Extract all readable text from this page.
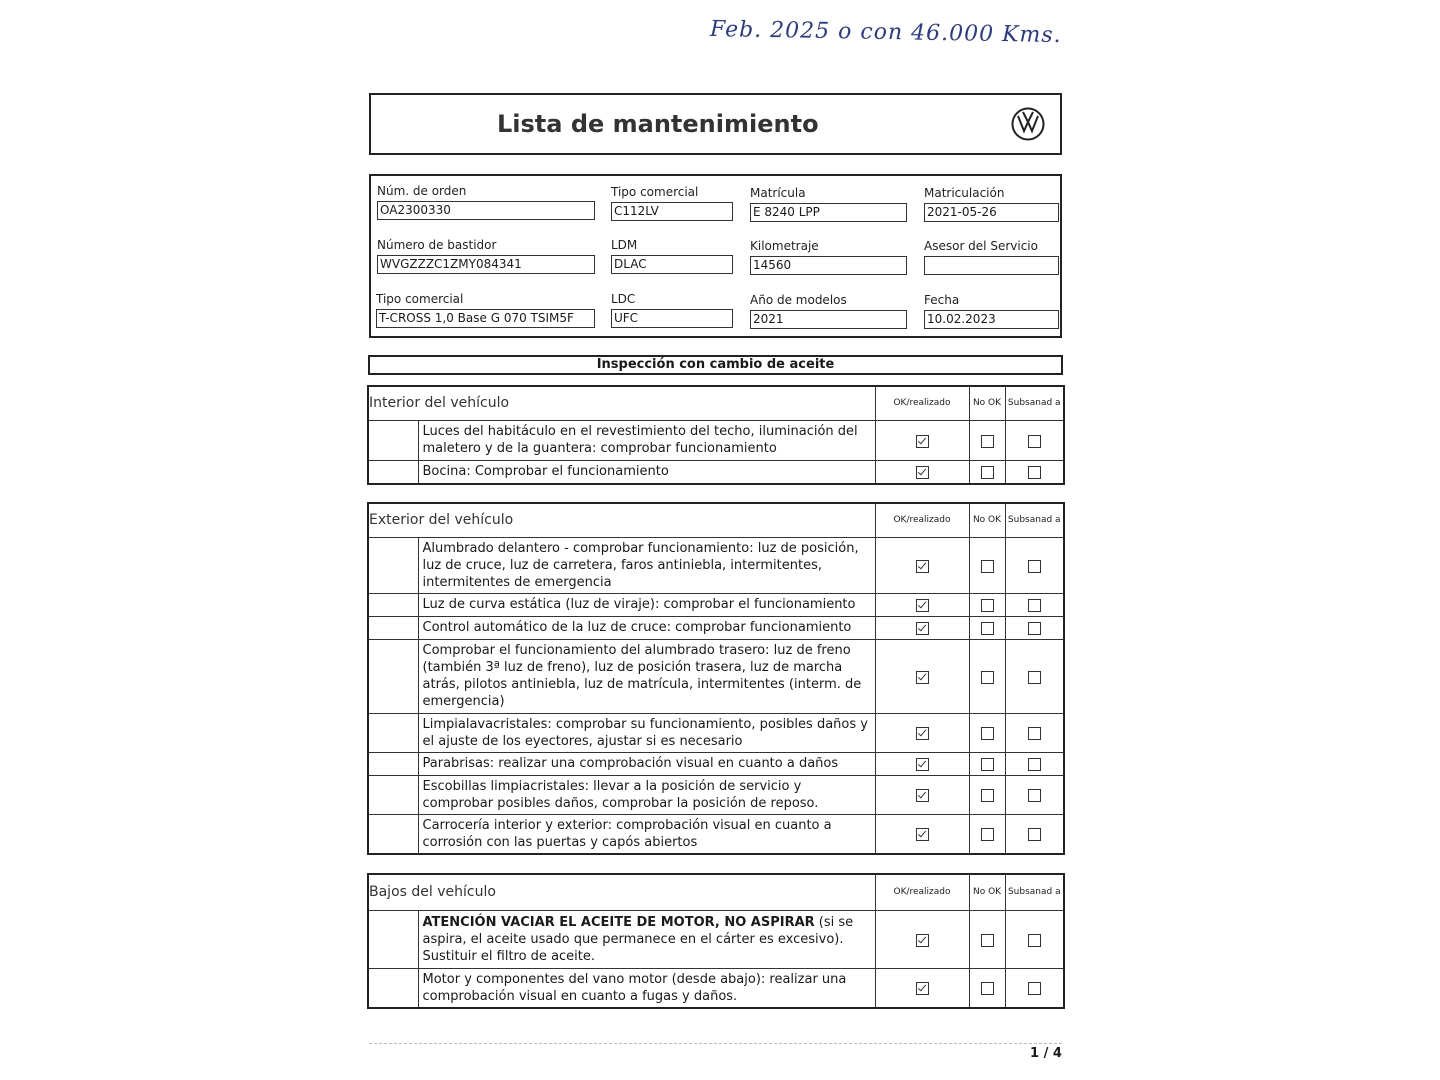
Feb. 2025 o con 46.000 Kms.
Lista de mantenimiento
Núm. de orden
OA2300330
Tipo comercial
C112LV
Matrícula
E 8240 LPP
Matriculación
2021-05-26
Número de bastidor
WVGZZZC1ZMY084341
LDM
DLAC
Kilometraje
14560
Asesor del Servicio
Tipo comercial
T-CROSS 1,0 Base G 070 TSIM5F
LDC
UFC
Año de modelos
2021
Fecha
10.02.2023
Inspección con cambio de aceite
Interior del vehículo		OK/realizado	No OK	Subsanad a
	Luces del habitáculo en el revestimiento del techo, iluminación del maletero y de la guantera: comprobar funcionamiento			
	Bocina: Comprobar el funcionamiento			
Exterior del vehículo		OK/realizado	No OK	Subsanad a
	Alumbrado delantero - comprobar funcionamiento: luz de posición, luz de cruce, luz de carretera, faros antiniebla, intermitentes, intermitentes de emergencia			
	Luz de curva estática (luz de viraje): comprobar el funcionamiento			
	Control automático de la luz de cruce: comprobar funcionamiento			
	Comprobar el funcionamiento del alumbrado trasero: luz de freno (también 3ª luz de freno), luz de posición trasera, luz de marcha atrás, pilotos antiniebla, luz de matrícula, intermitentes (interm. de emergencia)			
	Limpialavacristales: comprobar su funcionamiento, posibles daños y el ajuste de los eyectores, ajustar si es necesario			
	Parabrisas: realizar una comprobación visual en cuanto a daños			
	Escobillas limpiacristales: llevar a la posición de servicio y comprobar posibles daños, comprobar la posición de reposo.			
	Carrocería interior y exterior: comprobación visual en cuanto a corrosión con las puertas y capós abiertos			
Bajos del vehículo		OK/realizado	No OK	Subsanad a
	ATENCIÓN VACIAR EL ACEITE DE MOTOR, NO ASPIRAR (si se aspira, el aceite usado que permanece en el cárter es excesivo). Sustituir el filtro de aceite.			
	Motor y componentes del vano motor (desde abajo): realizar una comprobación visual en cuanto a fugas y daños.			
1 / 4
